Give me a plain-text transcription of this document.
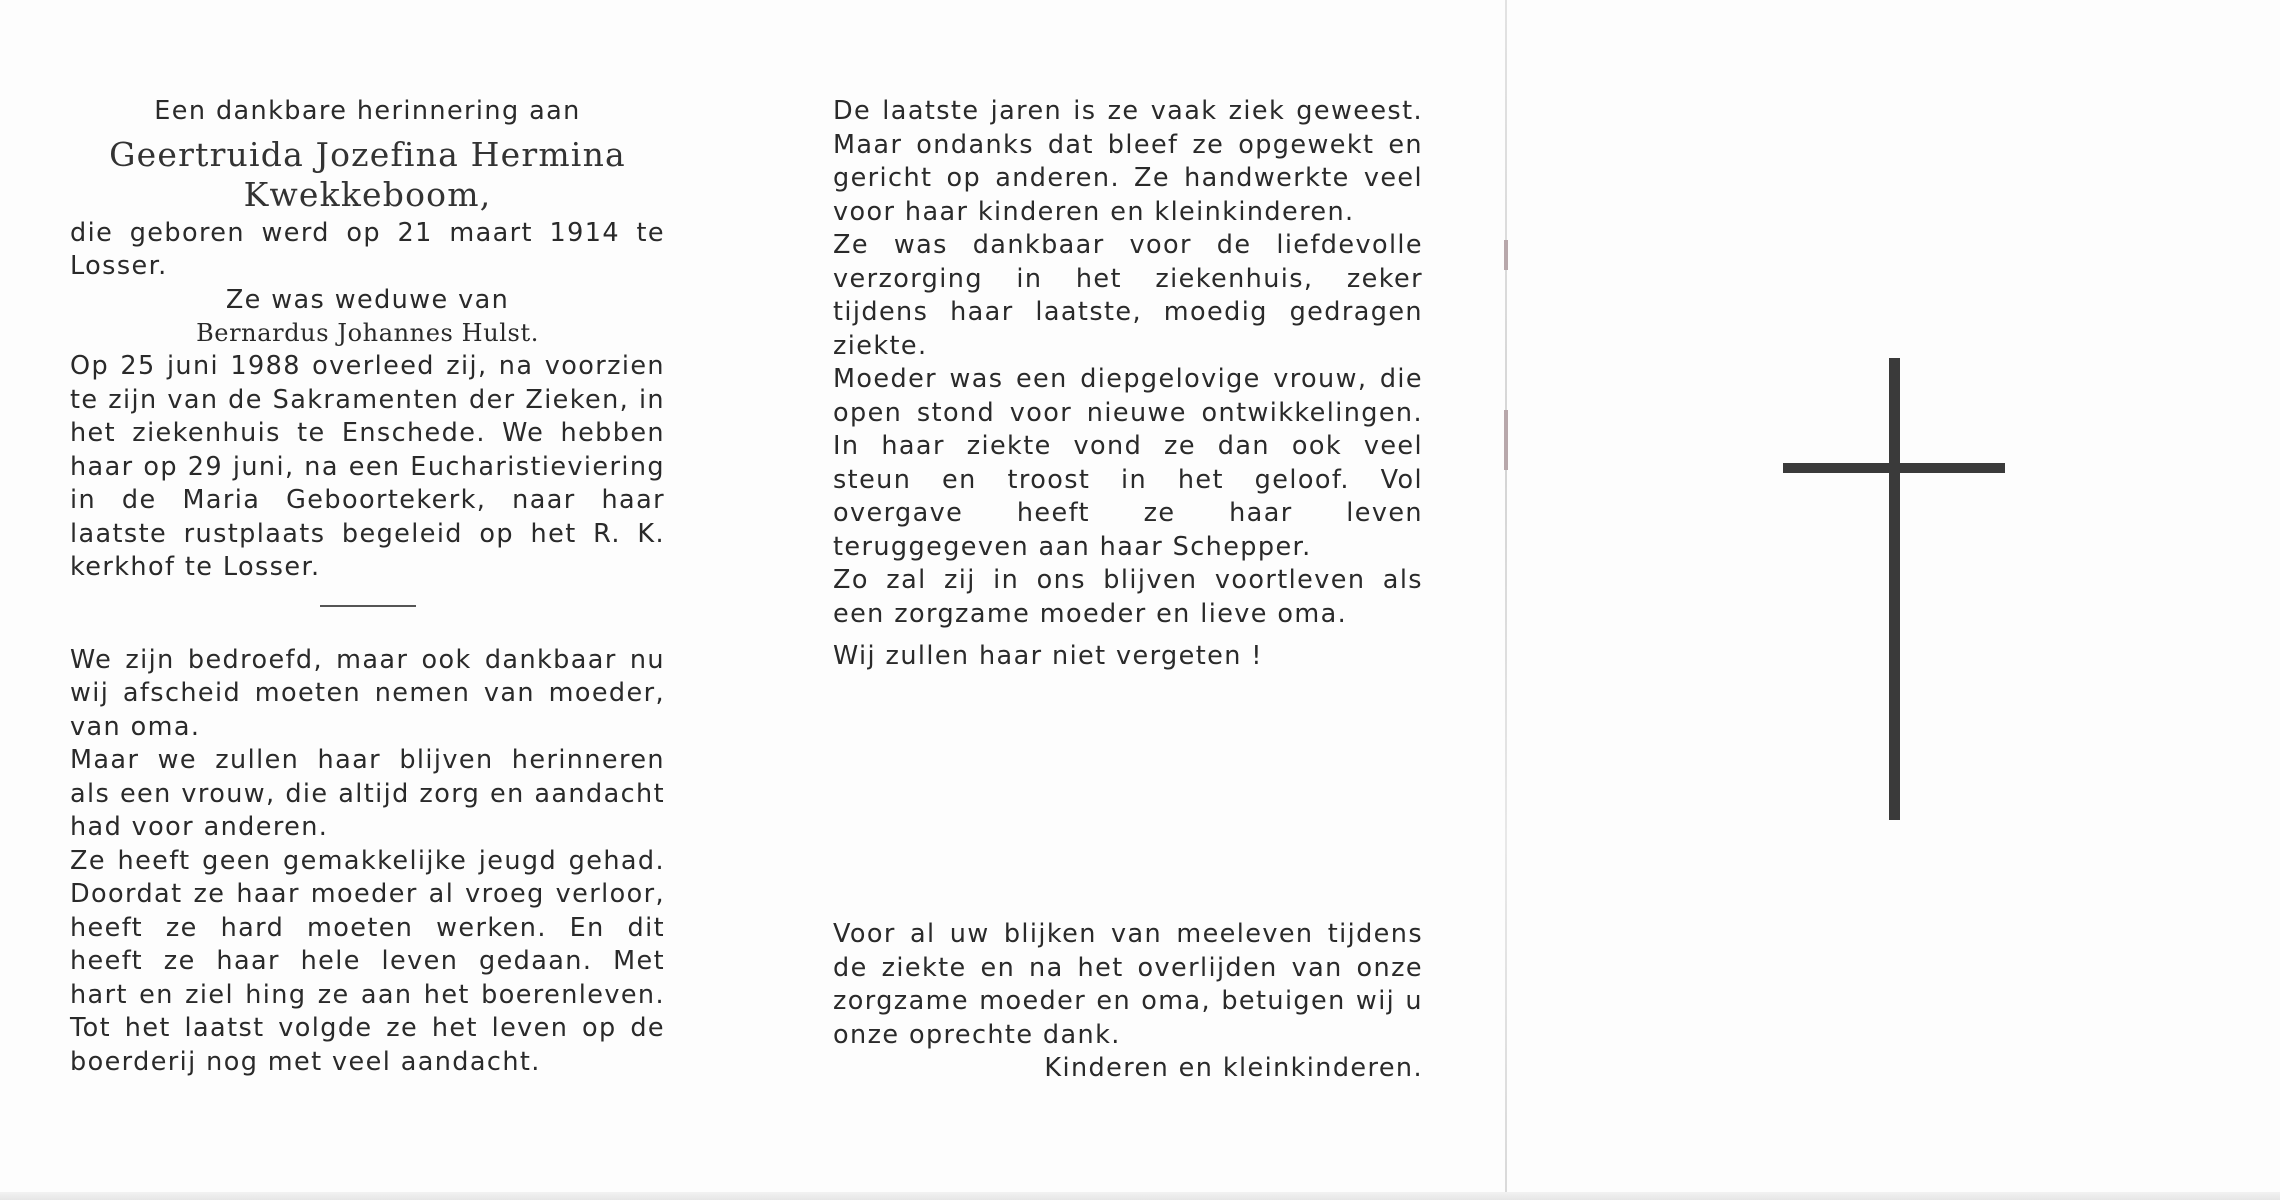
Een dankbare herinnering aan

Geertruida Jozefina Hermina

Kwekkeboom,

die geboren werd op 21 maart 1914 te Losser.

Ze was weduwe van

Bernardus Johannes Hulst.

Op 25 juni 1988 overleed zij, na voorzien te zijn van de Sakramenten der Zieken, in het ziekenhuis te Enschede. We hebben haar op 29 juni, na een Eucharistieviering in de Maria Geboortekerk, naar haar laatste rustplaats begeleid op het R. K. kerkhof te Losser.

We zijn bedroefd, maar ook dankbaar nu wij afscheid moeten nemen van moeder, van oma.

Maar we zullen haar blijven herinneren als een vrouw, die altijd zorg en aandacht had voor anderen.

Ze heeft geen gemakkelijke jeugd gehad. Doordat ze haar moeder al vroeg verloor, heeft ze hard moeten werken. En dit heeft ze haar hele leven gedaan. Met hart en ziel hing ze aan het boerenleven. Tot het laatst volgde ze het leven op de boerderij nog met veel aandacht.

De laatste jaren is ze vaak ziek geweest. Maar ondanks dat bleef ze opgewekt en gericht op anderen. Ze handwerkte veel voor haar kinderen en kleinkinderen.

Ze was dankbaar voor de liefdevolle verzorging in het ziekenhuis, zeker tijdens haar laatste, moedig gedragen ziekte.

Moeder was een diepgelovige vrouw, die open stond voor nieuwe ontwikkelingen. In haar ziekte vond ze dan ook veel steun en troost in het geloof. Vol overgave heeft ze haar leven teruggegeven aan haar Schepper.

Zo zal zij in ons blijven voortleven als een zorgzame moeder en lieve oma.

Wij zullen haar niet vergeten !

Voor al uw blijken van meeleven tijdens de ziekte en na het overlijden van onze zorgzame moeder en oma, betuigen wij u onze oprechte dank.

Kinderen en kleinkinderen.
